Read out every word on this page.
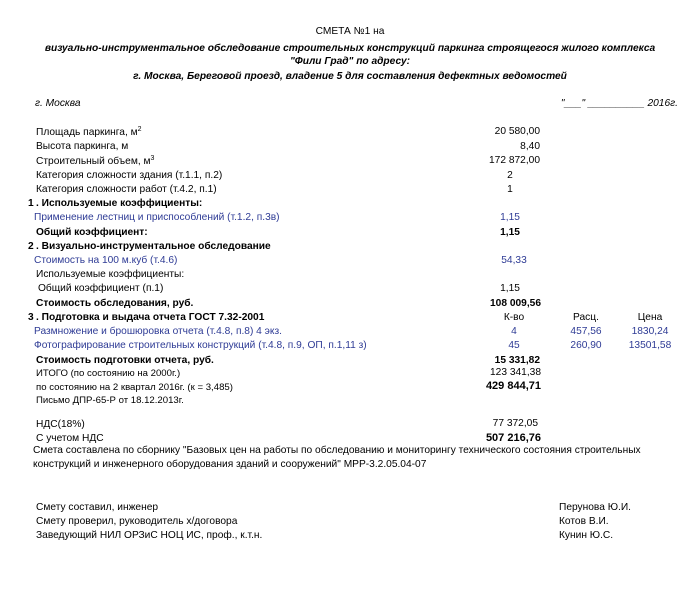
СМЕТА №1 на
визуально-инструментальное обследование строительных конструкций паркинга строящегося жилого комплекса
"Фили Град" по адресу:
г. Москва, Береговой проезд, владение 5 для составления дефектных ведомостей
г. Москва	"___" __________ 2016г.
Площадь паркинга, $м^2$	20 580,00
Высота паркинга, м	8,40
Строительный объем, $м^3$	172 872,00
Категория сложности здания (т.1.1, п.2)	2
Категория сложности работ (т.4.2, п.1)	1
1 . Используемые коэффициенты:
Применение лестниц и приспособлений (т.1.2, п.3в)	1,15
Общий коэффициент:	1,15
2 . Визуально-инструментальное обследование
Стоимость на 100 м.куб (т.4.6)	54,33
Используемые коэффициенты:
Общий коэффициент (п.1)	1,15
Стоимость обследования, руб.	108 009,56
3 . Подготовка и выдача отчета ГОСТ 7.32-2001	К-во	Расц.	Цена
Размножение и брошюровка отчета (т.4.8, п.8) 4 экз.	4	457,56	1830,24
Фотографирование строительных конструкций (т.4.8, п.9, ОП, п.1,11 з)	45	260,90	13501,58
Стоимость подготовки отчета, руб.	15 331,82
ИТОГО (по состоянию на 2000г.)	123 341,38
по состоянию на 2 квартал 2016г. (к = 3,485)	429 844,71
Письмо ДПР-65-Р от 18.12.2013г.
НДС(18%)	77 372,05
С учетом НДС	507 216,76
Смета составлена по сборнику "Базовых цен на работы по обследованию и мониторингу технического состояния строительных конструкций и инженерного оборудования зданий и сооружений" МРР-3.2.05.04-07
Смету составил, инженер	Перунова Ю.И.
Смету проверил, руководитель х/договора	Котов В.И.
Заведующий НИЛ ОРЗиС НОЦ ИС, проф., к.т.н.	Кунин Ю.С.
